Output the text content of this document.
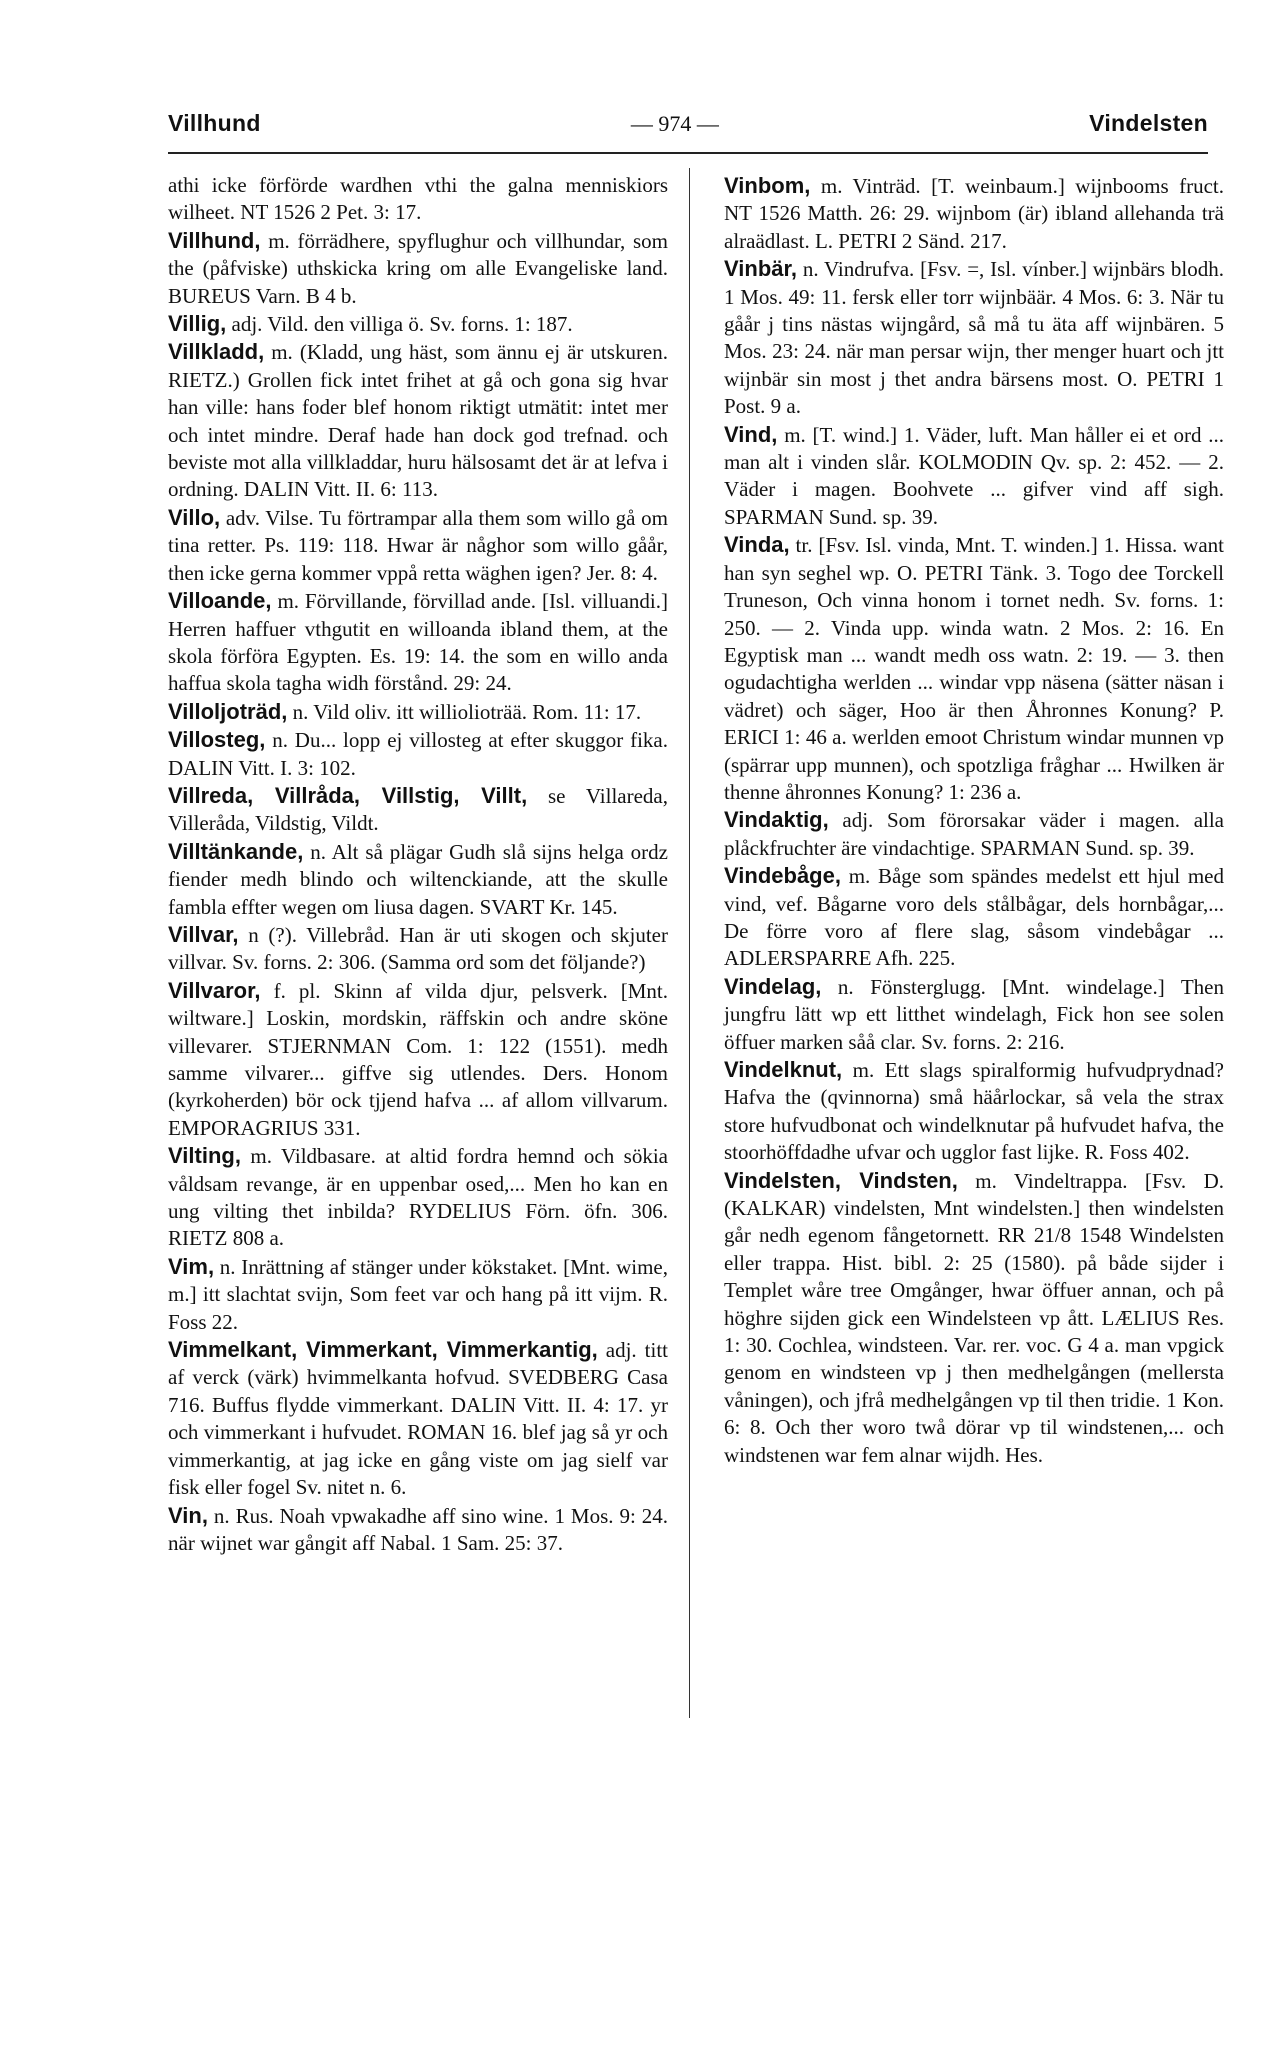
Villhund	— 974 —	Vindelsten

athi icke förförde wardhen vthi the galna menniskiors wilheet. NT 1526 2 Pet. 3: 17.

Villhund, m. förrädhere, spyflughur och villhundar, som the (påfviske) uthskicka kring om alle Evangeliske land. BUREUS Varn. B 4 b.

Villig, adj. Vild. den villiga ö. Sv. forns. 1: 187.

Villkladd, m. (Kladd, ung häst, som ännu ej är utskuren. RIETZ.) Grollen fick intet frihet at gå och gona sig hvar han ville: hans foder blef honom riktigt utmätit: intet mer och intet mindre. Deraf hade han dock god trefnad. och beviste mot alla villkladdar, huru hälsosamt det är at lefva i ordning. DALIN Vitt. II. 6: 113.

Villo, adv. Vilse. Tu förtrampar alla them som willo gå om tina retter. Ps. 119: 118. Hwar är någhor som willo gåår, then icke gerna kommer vppå retta wäghen igen? Jer. 8: 4.

Villoande, m. Förvillande, förvillad ande. [Isl. villuandi.] Herren haffuer vthgutit en willoanda ibland them, at the skola förföra Egypten. Es. 19: 14. the som en willo anda haffua skola tagha widh förstånd. 29: 24.

Villoljoträd, n. Vild oliv. itt williolioträä. Rom. 11: 17.

Villosteg, n. Du... lopp ej villosteg at efter skuggor fika. DALIN Vitt. I. 3: 102.

Villreda, Villråda, Villstig, Villt, se Villareda, Villeråda, Vildstig, Vildt.

Villtänkande, n. Alt så plägar Gudh slå sijns helga ordz fiender medh blindo och wiltenckiande, att the skulle fambla effter wegen om liusa dagen. SVART Kr. 145.

Villvar, n (?). Villebråd. Han är uti skogen och skjuter villvar. Sv. forns. 2: 306. (Samma ord som det följande?)

Villvaror, f. pl. Skinn af vilda djur, pelsverk. [Mnt. wiltware.] Loskin, mordskin, räffskin och andre sköne villevarer. STJERNMAN Com. 1: 122 (1551). medh samme vilvarer... giffve sig utlendes. Ders. Honom (kyrkoherden) bör ock tjjend hafva ... af allom villvarum. EMPORAGRIUS 331.

Vilting, m. Vildbasare. at altid fordra hemnd och sökia våldsam revange, är en uppenbar osed,... Men ho kan en ung vilting thet inbilda? RYDELIUS Förn. öfn. 306. RIETZ 808 a.

Vim, n. Inrättning af stänger under kökstaket. [Mnt. wime, m.] itt slachtat svijn, Som feet var och hang på itt vijm. R. Foss 22.

Vimmelkant, Vimmerkant, Vimmerkantig, adj. titt af verck (värk) hvimmelkanta hofvud. SVEDBERG Casa 716. Buffus flydde vimmerkant. DALIN Vitt. II. 4: 17. yr och vimmerkant i hufvudet. ROMAN 16. blef jag så yr och vimmerkantig, at jag icke en gång viste om jag sielf var fisk eller fogel Sv. nitet n. 6.

Vin, n. Rus. Noah vpwakadhe aff sino wine. 1 Mos. 9: 24. när wijnet war gångit aff Nabal. 1 Sam. 25: 37.

Vinbom, m. Vinträd. [T. weinbaum.] wijnbooms fruct. NT 1526 Matth. 26: 29. wijnbom (är) ibland allehanda trä alraädlast. L. PETRI 2 Sänd. 217.

Vinbär, n. Vindrufva. [Fsv. =, Isl. vínber.] wijnbärs blodh. 1 Mos. 49: 11. fersk eller torr wijnbäär. 4 Mos. 6: 3. När tu gåår j tins nästas wijngård, så må tu äta aff wijnbären. 5 Mos. 23: 24. när man persar wijn, ther menger huart och jtt wijnbär sin most j thet andra bärsens most. O. PETRI 1 Post. 9 a.

Vind, m. [T. wind.] 1. Väder, luft. Man håller ei et ord ... man alt i vinden slår. KOLMODIN Qv. sp. 2: 452. — 2. Väder i magen. Boohvete ... gifver vind aff sigh. SPARMAN Sund. sp. 39.

Vinda, tr. [Fsv. Isl. vinda, Mnt. T. winden.] 1. Hissa. want han syn seghel wp. O. PETRI Tänk. 3. Togo dee Torckell Truneson, Och vinna honom i tornet nedh. Sv. forns. 1: 250. — 2. Vinda upp. winda watn. 2 Mos. 2: 16. En Egyptisk man ... wandt medh oss watn. 2: 19. — 3. then ogudachtigha werlden ... windar vpp näsena (sätter näsan i vädret) och säger, Hoo är then Åhronnes Konung? P. ERICI 1: 46 a. werlden emoot Christum windar munnen vp (spärrar upp munnen), och spotzliga fråghar ... Hwilken är thenne åhronnes Konung? 1: 236 a.

Vindaktig, adj. Som förorsakar väder i magen. alla plåckfruchter äre vindachtige. SPARMAN Sund. sp. 39.

Vindebåge, m. Båge som spändes medelst ett hjul med vind, vef. Bågarne voro dels stålbågar, dels hornbågar,... De förre voro af flere slag, såsom vindebågar ... ADLERSPARRE Afh. 225.

Vindelag, n. Fönsterglugg. [Mnt. windelage.] Then jungfru lätt wp ett litthet windelagh, Fick hon see solen öffuer marken såå clar. Sv. forns. 2: 216.

Vindelknut, m. Ett slags spiralformig hufvudprydnad? Hafva the (qvinnorna) små häårlockar, så vela the strax store hufvudbonat och windelknutar på hufvudet hafva, the stoorhöffdadhe ufvar och ugglor fast lijke. R. Foss 402.

Vindelsten, Vindsten, m. Vindeltrappa. [Fsv. D. (KALKAR) vindelsten, Mnt windelsten.] then windelsten går nedh egenom fångetornett. RR 21/8 1548 Windelsten eller trappa. Hist. bibl. 2: 25 (1580). på både sijder i Templet wåre tree Omgånger, hwar öffuer annan, och på höghre sijden gick een Windelsteen vp ått. LÆLIUS Res. 1: 30. Cochlea, windsteen. Var. rer. voc. G 4 a. man vpgick genom en windsteen vp j then medhelgången (mellersta våningen), och jfrå medhelgången vp til then tridie. 1 Kon. 6: 8. Och ther woro twå dörar vp til windstenen,... och windstenen war fem alnar wijdh. Hes.
